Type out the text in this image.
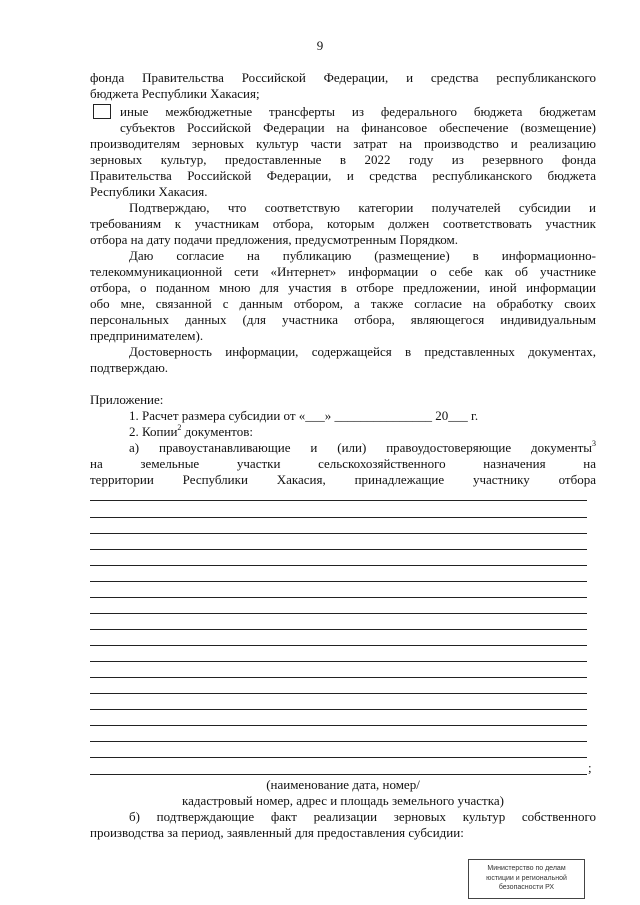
9
фонда Правительства Российской Федерации, и средства республиканского
бюджета Республики Хакасия;
иные межбюджетные трансферты из федерального бюджета бюджетам
субъектов Российской Федерации на финансовое обеспечение (возмещение)
производителям зерновых культур части затрат на производство и реализацию
зерновых культур, предоставленные в 2022 году из резервного фонда
Правительства Российской Федерации, и средства республиканского бюджета
Республики Хакасия.
Подтверждаю, что соответствую категории получателей субсидии и
требованиям к участникам отбора, которым должен соответствовать участник
отбора на дату подачи предложения, предусмотренным Порядком.
Даю согласие на публикацию (размещение) в информационно-
телекоммуникационной сети «Интернет» информации о себе как об участнике
отбора, о поданном мною для участия в отборе предложении, иной информации
обо мне, связанной с данным отбором, а также согласие на обработку своих
персональных данных (для участника отбора, являющегося индивидуальным
предпринимателем).
Достоверность информации, содержащейся в представленных документах,
подтверждаю.
Приложение:
1. Расчет размера субсидии от «___» _______________ 20___ г.
2. Копии$^2$ документов:
а) правоустанавливающие и (или) правоудостоверяющие документы 3
на земельные участки сельскохозяйственного назначения на
территории Республики Хакасия, принадлежащие участнику отбора
;
(наименование дата, номер/
кадастровый номер, адрес и площадь земельного участка)
б) подтверждающие факт реализации зерновых культур собственного
производства за период, заявленный для предоставления субсидии:
Министерство по делам
юстиции и региональной
безопасности РХ
